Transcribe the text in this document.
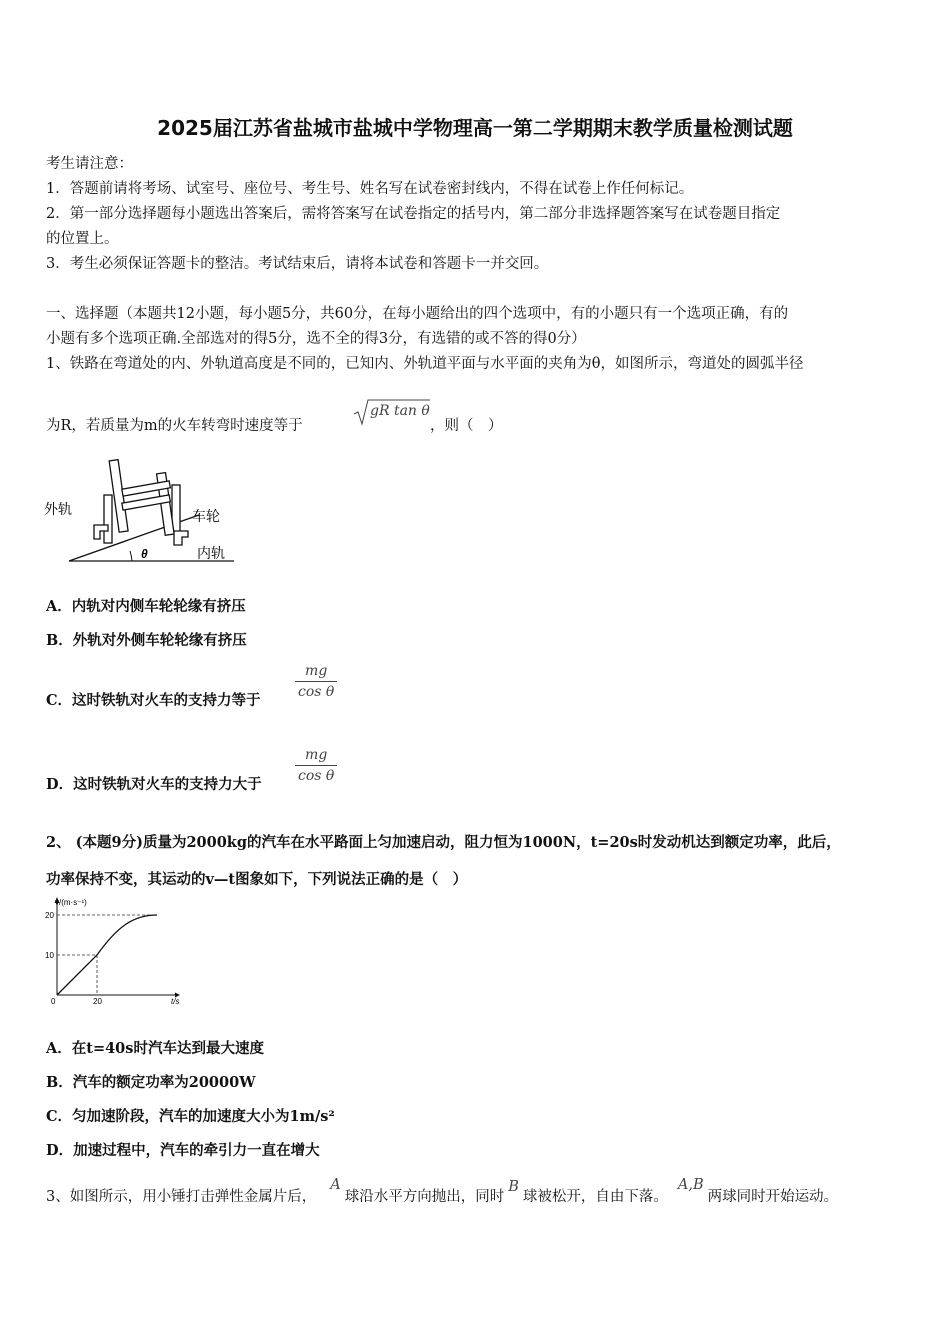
2025届江苏省盐城市盐城中学物理高一第二学期期末教学质量检测试题
考生请注意：
1．答题前请将考场、试室号、座位号、考生号、姓名写在试卷密封线内，不得在试卷上作任何标记。
2．第一部分选择题每小题选出答案后，需将答案写在试卷指定的括号内，第二部分非选择题答案写在试卷题目指定
的位置上。
3．考生必须保证答题卡的整洁。考试结束后，请将本试卷和答题卡一并交回。
一、选择题（本题共12小题，每小题5分，共60分，在每小题给出的四个选项中，有的小题只有一个选项正确，有的
小题有多个选项正确.全部选对的得5分，选不全的得3分，有选错的或不答的得0分）
1、铁路在弯道处的内、外轨道高度是不同的，已知内、外轨道平面与水平面的夹角为θ，如图所示，弯道处的圆弧半径
为R，若质量为m的火车转弯时速度等于
gR tan θ
，则（　）
外轨	车轮
内轨
θ
A．内轨对内侧车轮轮缘有挤压
B．外轨对外侧车轮轮缘有挤压
C．这时铁轨对火车的支持力等于
mg
cos θ
D．这时铁轨对火车的支持力大于
mg
cos θ
2、 (本题9分)质量为2000kg的汽车在水平路面上匀加速启动，阻力恒为1000N，t=20s时发动机达到额定功率，此后，
功率保持不变，其运动的v—t图象如下，下列说法正确的是（　）
v/(m·s⁻¹)
t/s
20
10
20
0
A．在t=40s时汽车达到最大速度
B．汽车的额定功率为20000W
C．匀加速阶段，汽车的加速度大小为1m/s²
D．加速过程中，汽车的牵引力一直在增大
3、如图所示，用小锤打击弹性金属片后，A球沿水平方向抛出，同时B球被松开，自由下落。A,B两球同时开始运动。
